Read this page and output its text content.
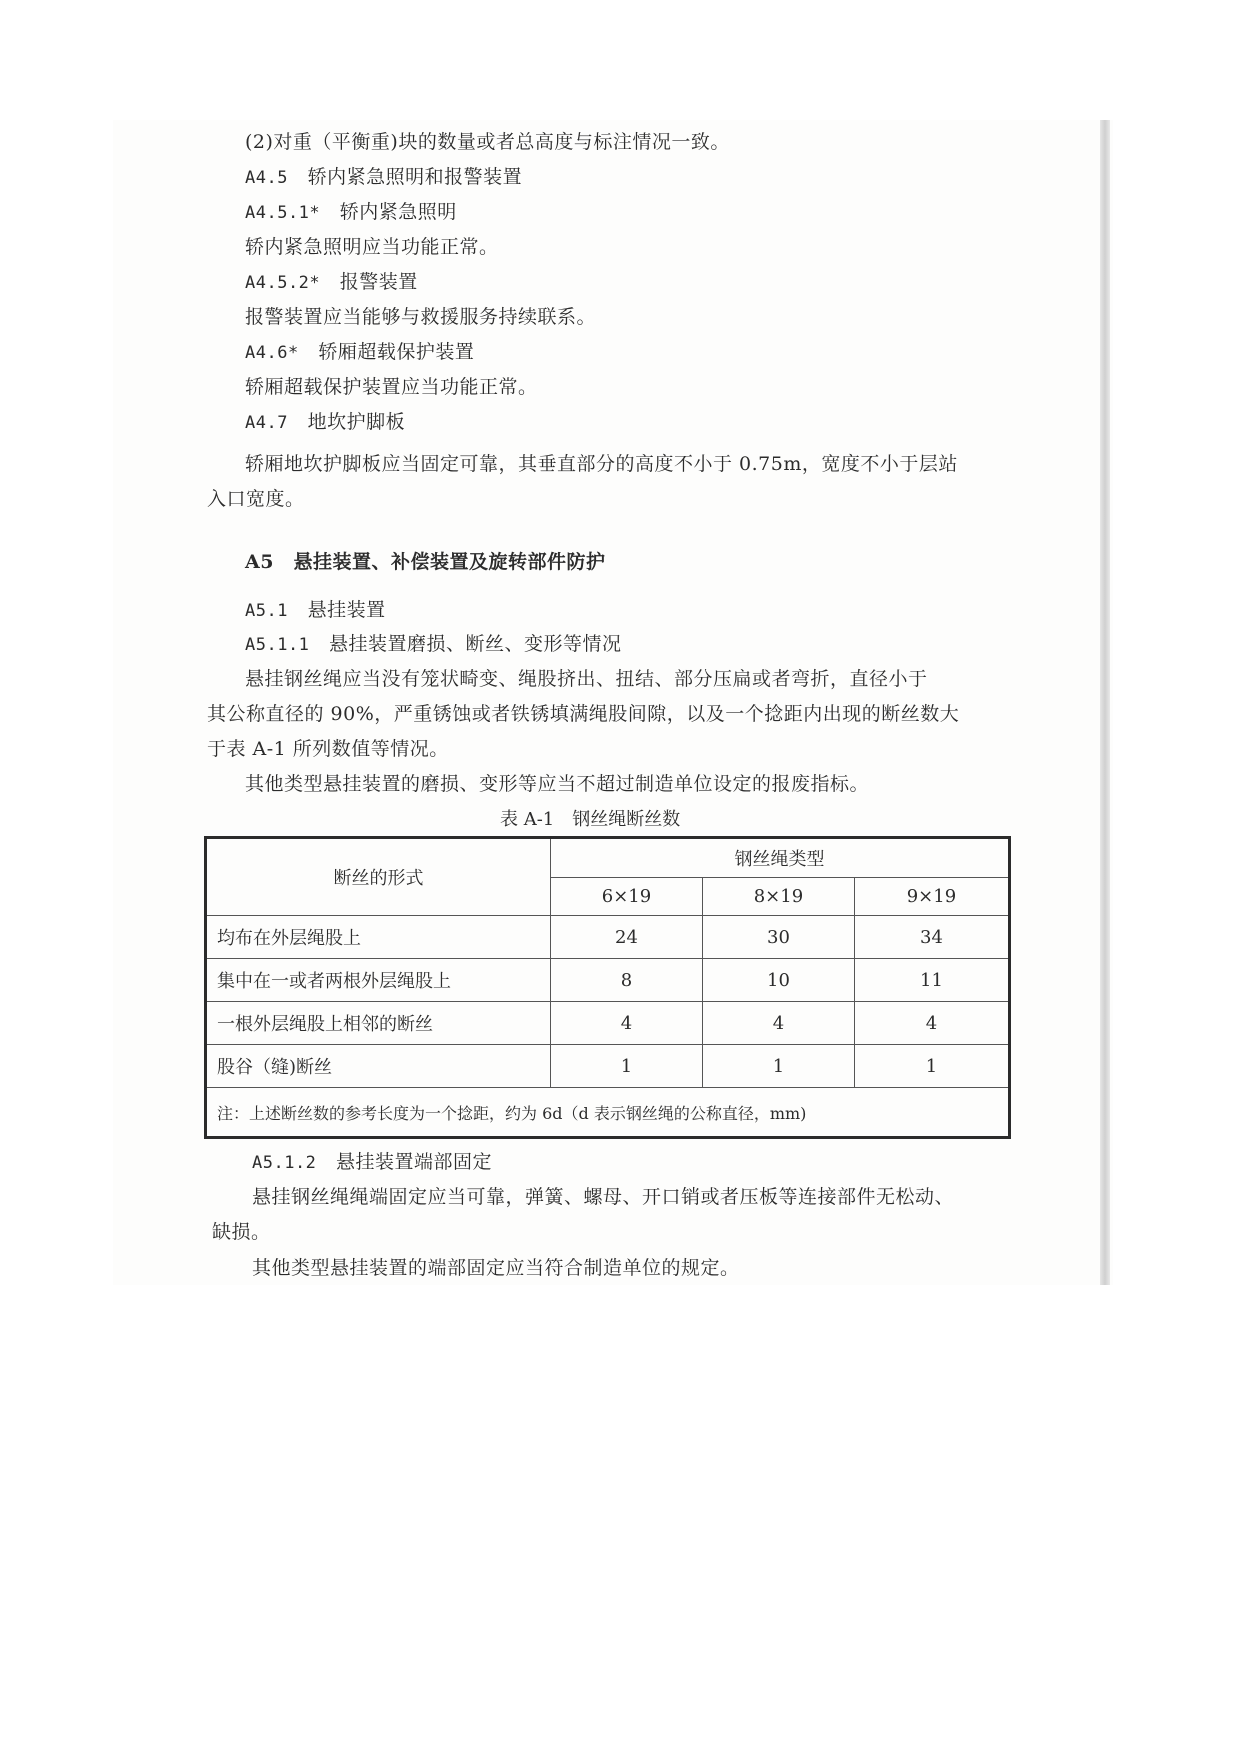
(2)对重（平衡重)块的数量或者总高度与标注情况一致。
A4.5 轿内紧急照明和报警装置
A4.5.1* 轿内紧急照明
轿内紧急照明应当功能正常。
A4.5.2* 报警装置
报警装置应当能够与救援服务持续联系。
A4.6* 轿厢超载保护装置
轿厢超载保护装置应当功能正常。
A4.7 地坎护脚板
轿厢地坎护脚板应当固定可靠，其垂直部分的高度不小于 0.75m，宽度不小于层站
入口宽度。
A5　悬挂装置、补偿装置及旋转部件防护
A5.1 悬挂装置
A5.1.1 悬挂装置磨损、断丝、变形等情况
悬挂钢丝绳应当没有笼状畸变、绳股挤出、扭结、部分压扁或者弯折，直径小于
其公称直径的 90%，严重锈蚀或者铁锈填满绳股间隙，以及一个捻距内出现的断丝数大
于表 A-1 所列数值等情况。
其他类型悬挂装置的磨损、变形等应当不超过制造单位设定的报废指标。
表 A-1　钢丝绳断丝数
断丝的形式	钢丝绳类型		
	6×19	8×19	9×19
均布在外层绳股上	24	30	34
集中在一或者两根外层绳股上	8	10	11
一根外层绳股上相邻的断丝	4	4	4
股谷（缝)断丝	1	1	1
注：上述断丝数的参考长度为一个捻距，约为 6d（d 表示钢丝绳的公称直径，mm)			
A5.1.2 悬挂装置端部固定
悬挂钢丝绳绳端固定应当可靠，弹簧、螺母、开口销或者压板等连接部件无松动、
缺损。
其他类型悬挂装置的端部固定应当符合制造单位的规定。
